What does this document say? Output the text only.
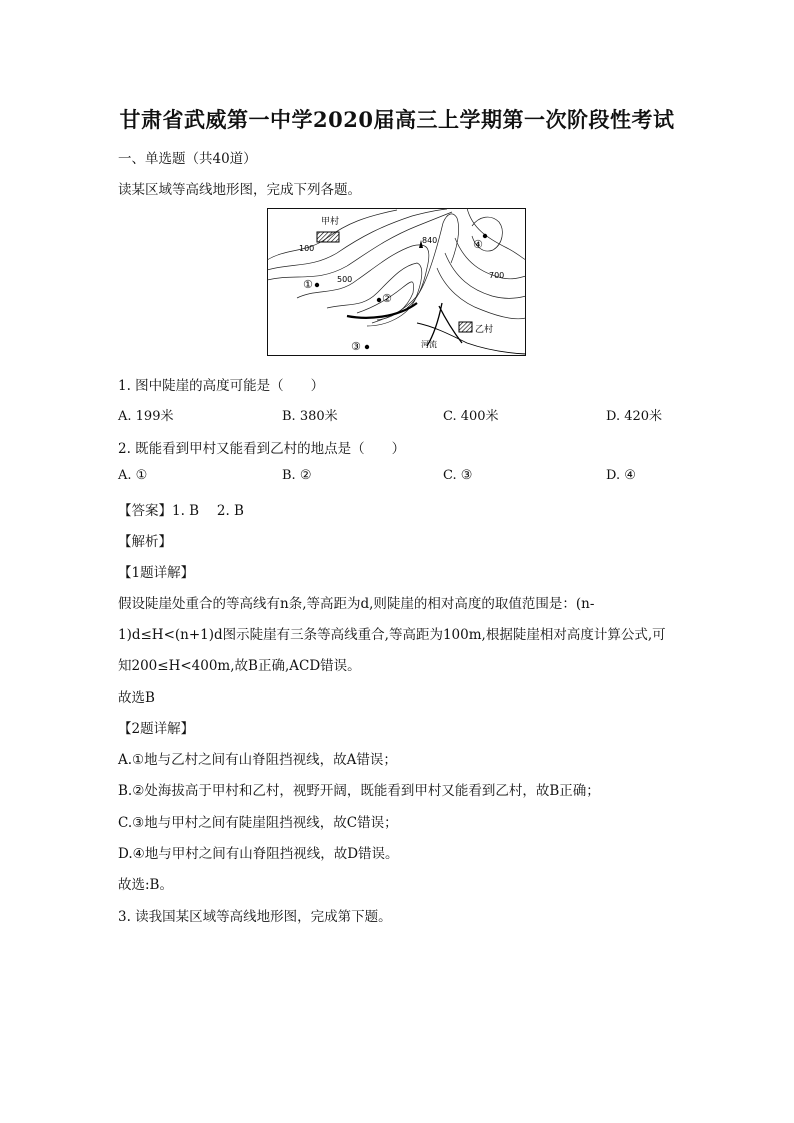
甘肃省武威第一中学2020届高三上学期第一次阶段性考试
一、单选题（共40道）
读某区域等高线地形图，完成下列各题。
甲村
乙村
河流
100
500	700
840
①
②
③
④
1. 图中陡崖的高度可能是（　　）
A. 199米	B. 380米	C. 400米	D. 420米
2. 既能看到甲村又能看到乙村的地点是（　　）
A. ①	B. ②	C. ③	D. ④
【答案】1. B　 2. B
【解析】
【1题详解】
假设陡崖处重合的等高线有n条,等高距为d,则陡崖的相对高度的取值范围是：(n-
1)d≤H<(n+1)d图示陡崖有三条等高线重合,等高距为100m,根据陡崖相对高度计算公式,可
知200≤H<400m,故B正确,ACD错误。
故选B
【2题详解】
A.①地与乙村之间有山脊阻挡视线，故A错误；
B.②处海拔高于甲村和乙村，视野开阔，既能看到甲村又能看到乙村，故B正确；
C.③地与甲村之间有陡崖阻挡视线，故C错误；
D.④地与甲村之间有山脊阻挡视线，故D错误。
故选:B。
3. 读我国某区域等高线地形图，完成第下题。
